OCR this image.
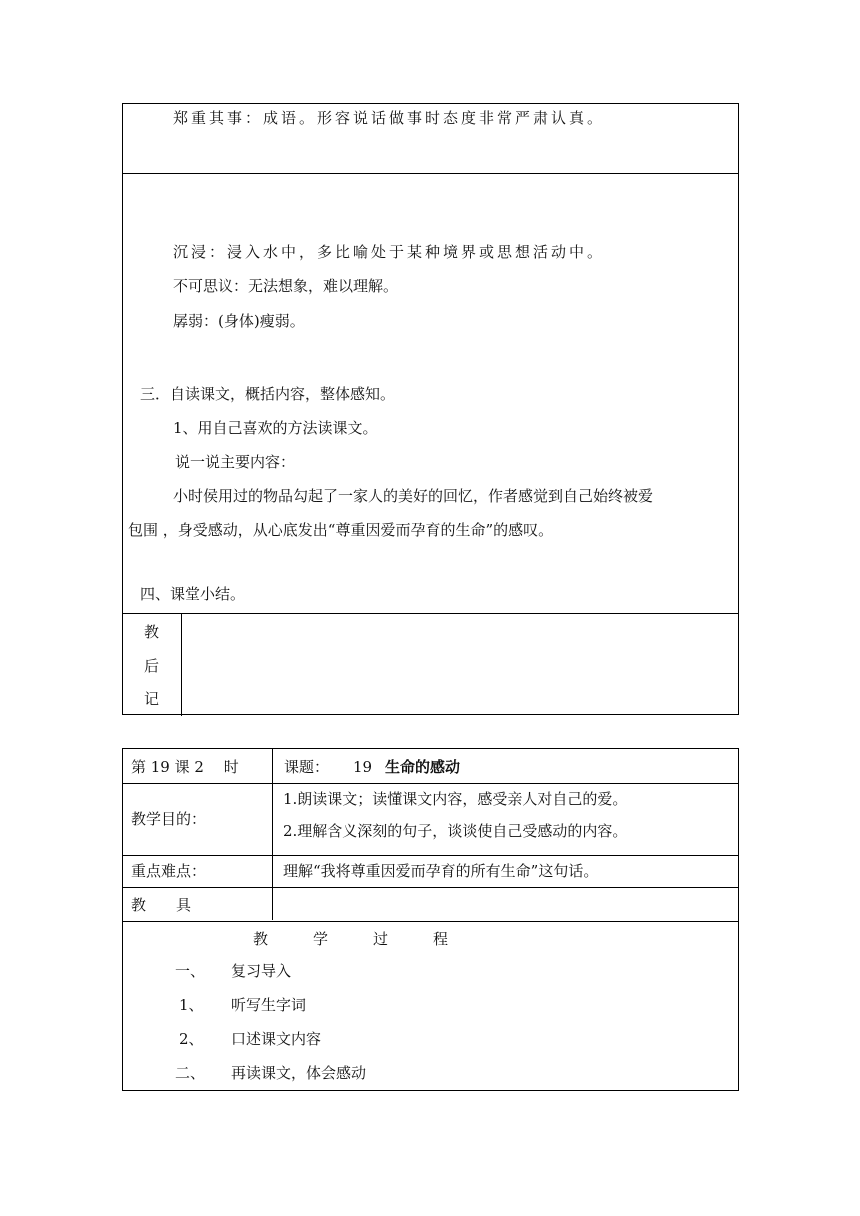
郑重其事：成语。形容说话做事时态度非常严肃认真。
沉浸：浸入水中，多比喻处于某种境界或思想活动中。
不可思议：无法想象，难以理解。
孱弱：(身体)瘦弱。
三．自读课文，概括内容，整体感知。
1、用自己喜欢的方法读课文。
说一说主要内容：
小时侯用过的物品勾起了一家人的美好的回忆，作者感觉到自己始终被爱
包围 ，身受感动，从心底发出“尊重因爱而孕育的生命”的感叹。
四、课堂小结。
教
后
记
第 19 课 2　 时	课题： 19 生命的感动
教学目的：
1.朗读课文；读懂课文内容，感受亲人对自己的爱。
2.理解含义深刻的句子，谈谈使自己受感动的内容。
重点难点：	理解“我将尊重因爱而孕育的所有生命”这句话。
教　　具
教　　　学　　　过　　　程
一、 复习导入
1、 听写生字词
2、 口述课文内容
二、 再读课文，体会感动
